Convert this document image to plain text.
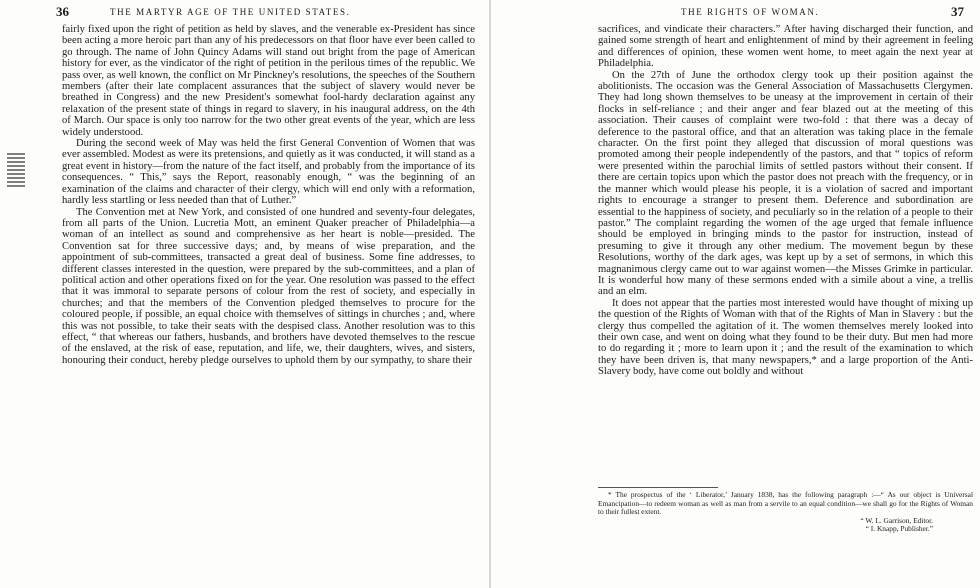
36	THE MARTYR AGE OF THE UNITED STATES.

fairly fixed upon the right of petition as held by slaves, and the venerable ex-President has since been acting a more heroic part than any of his predecessors on that floor have ever been called to go through. The name of John Quincy Adams will stand out bright from the page of American history for ever, as the vindicator of the right of petition in the perilous times of the republic. We pass over, as well known, the conflict on Mr Pinckney's resolutions, the speeches of the Southern members (after their late complacent assurances that the subject of slavery would never be breathed in Congress) and the new President's somewhat fool-hardy declaration against any relaxation of the present state of things in regard to slavery, in his inaugural address, on the 4th of March. Our space is only too narrow for the two other great events of the year, which are less widely understood.

During the second week of May was held the first General Convention of Women that was ever assembled. Modest as were its pretensions, and quietly as it was conducted, it will stand as a great event in history—from the nature of the fact itself, and probably from the importance of its consequences. “ This,” says the Report, reasonably enough, “ was the beginning of an examination of the claims and character of their clergy, which will end only with a reformation, hardly less startling or less needed than that of Luther.”

The Convention met at New York, and consisted of one hundred and seventy-four delegates, from all parts of the Union. Lucretia Mott, an eminent Quaker preacher of Philadelphia—a woman of an intellect as sound and comprehensive as her heart is noble—presided. The Convention sat for three successive days; and, by means of wise preparation, and the appointment of sub-committees, transacted a great deal of business. Some fine addresses, to different classes interested in the question, were prepared by the sub-committees, and a plan of political action and other operations fixed on for the year. One resolution was passed to the effect that it was immoral to separate persons of colour from the rest of society, and especially in churches; and that the members of the Convention pledged themselves to procure for the coloured people, if possible, an equal choice with themselves of sittings in churches ; and, where this was not possible, to take their seats with the despised class. Another resolution was to this effect, “ that whereas our fathers, husbands, and brothers have devoted themselves to the rescue of the enslaved, at the risk of ease, reputation, and life, we, their daughters, wives, and sisters, honouring their conduct, hereby pledge ourselves to uphold them by our sympathy, to share their

THE RIGHTS OF WOMAN.	37

sacrifices, and vindicate their characters.” After having discharged their function, and gained some strength of heart and enlightenment of mind by their agreement in feeling and differences of opinion, these women went home, to meet again the next year at Philadelphia.

On the 27th of June the orthodox clergy took up their position against the abolitionists. The occasion was the General Association of Massachusetts Clergymen. They had long shown themselves to be uneasy at the improvement in certain of their flocks in self-reliance ; and their anger and fear blazed out at the meeting of this association. Their causes of complaint were two-fold : that there was a decay of deference to the pastoral office, and that an alteration was taking place in the female character. On the first point they alleged that discussion of moral questions was promoted among their people independently of the pastors, and that “ topics of reform were presented within the parochial limits of settled pastors without their consent. If there are certain topics upon which the pastor does not preach with the frequency, or in the manner which would please his people, it is a violation of sacred and important rights to encourage a stranger to present them. Deference and subordination are essential to the happiness of society, and peculiarly so in the relation of a people to their pastor.” The complaint regarding the women of the age urged that female influence should be employed in bringing minds to the pastor for instruction, instead of presuming to give it through any other medium. The movement begun by these Resolutions, worthy of the dark ages, was kept up by a set of sermons, in which this magnanimous clergy came out to war against women—the Misses Grimke in particular. It is wonderful how many of these sermons ended with a simile about a vine, a trellis and an elm.

It does not appear that the parties most interested would have thought of mixing up the question of the Rights of Woman with that of the Rights of Man in Slavery : but the clergy thus compelled the agitation of it. The women themselves merely looked into their own case, and went on doing what they found to be their duty. But men had more to do regarding it ; more to learn upon it ; and the result of the examination to which they have been driven is, that many newspapers,* and a large proportion of the Anti-Slavery body, have come out boldly and without

* The prospectus of the ‘ Liberator,’ January 1838, has the following paragraph :—“ As our object is Universal Emancipation—to redeem woman as well as man from a servile to an equal condition—we shall go for the Rights of Woman to their fullest extent.
“ W. L. Garrison, Editor.
“ I. Knapp, Publisher.”
